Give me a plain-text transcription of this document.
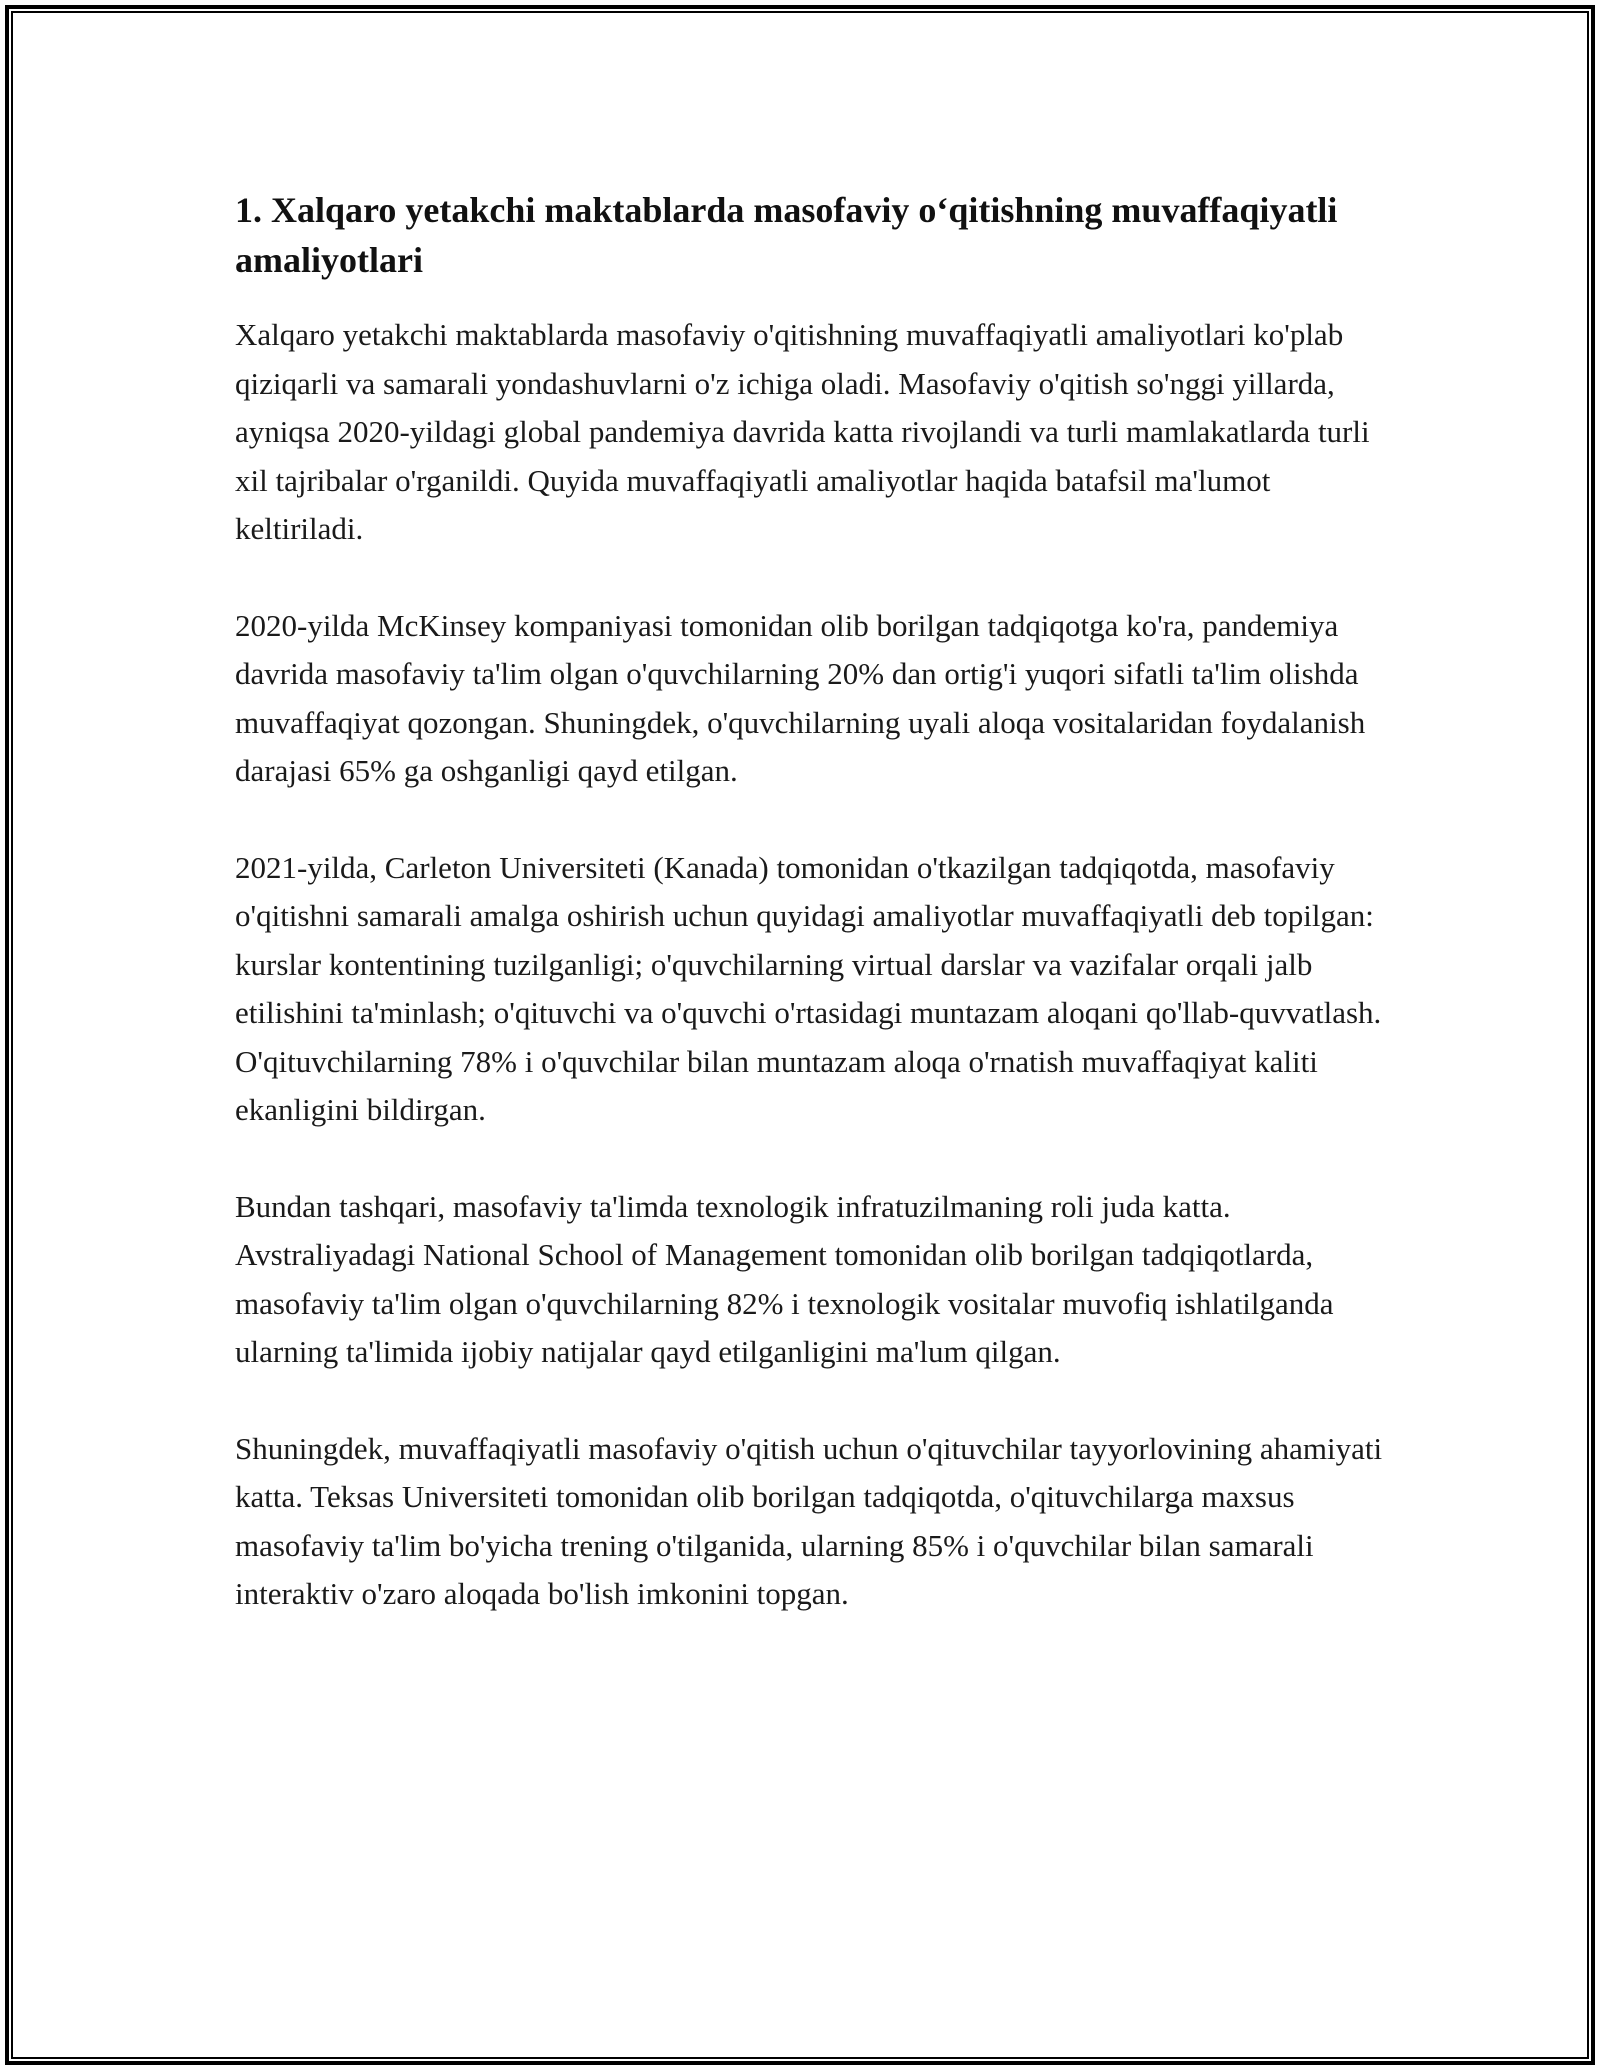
1. Xalqaro yetakchi maktablarda masofaviy o‘qitishning muvaffaqiyatli amaliyotlari

Xalqaro yetakchi maktablarda masofaviy o'qitishning muvaffaqiyatli amaliyotlari ko'plab qiziqarli va samarali yondashuvlarni o'z ichiga oladi. Masofaviy o'qitish so'nggi yillarda, ayniqsa 2020-yildagi global pandemiya davrida katta rivojlandi va turli mamlakatlarda turli xil tajribalar o'rganildi. Quyida muvaffaqiyatli amaliyotlar haqida batafsil ma'lumot keltiriladi.

2020-yilda McKinsey kompaniyasi tomonidan olib borilgan tadqiqotga ko'ra, pandemiya davrida masofaviy ta'lim olgan o'quvchilarning 20% dan ortig'i yuqori sifatli ta'lim olishda muvaffaqiyat qozongan. Shuningdek, o'quvchilarning uyali aloqa vositalaridan foydalanish darajasi 65% ga oshganligi qayd etilgan.

2021-yilda, Carleton Universiteti (Kanada) tomonidan o'tkazilgan tadqiqotda, masofaviy o'qitishni samarali amalga oshirish uchun quyidagi amaliyotlar muvaffaqiyatli deb topilgan: kurslar kontentining tuzilganligi; o'quvchilarning virtual darslar va vazifalar orqali jalb etilishini ta'minlash; o'qituvchi va o'quvchi o'rtasidagi muntazam aloqani qo'llab-quvvatlash. O'qituvchilarning 78% i o'quvchilar bilan muntazam aloqa o'rnatish muvaffaqiyat kaliti ekanligini bildirgan.

Bundan tashqari, masofaviy ta'limda texnologik infratuzilmaning roli juda katta. Avstraliyadagi National School of Management tomonidan olib borilgan tadqiqotlarda, masofaviy ta'lim olgan o'quvchilarning 82% i texnologik vositalar muvofiq ishlatilganda ularning ta'limida ijobiy natijalar qayd etilganligini ma'lum qilgan.

Shuningdek, muvaffaqiyatli masofaviy o'qitish uchun o'qituvchilar tayyorlovining ahamiyati katta. Teksas Universiteti tomonidan olib borilgan tadqiqotda, o'qituvchilarga maxsus masofaviy ta'lim bo'yicha trening o'tilganida, ularning 85% i o'quvchilar bilan samarali interaktiv o'zaro aloqada bo'lish imkonini topgan.
